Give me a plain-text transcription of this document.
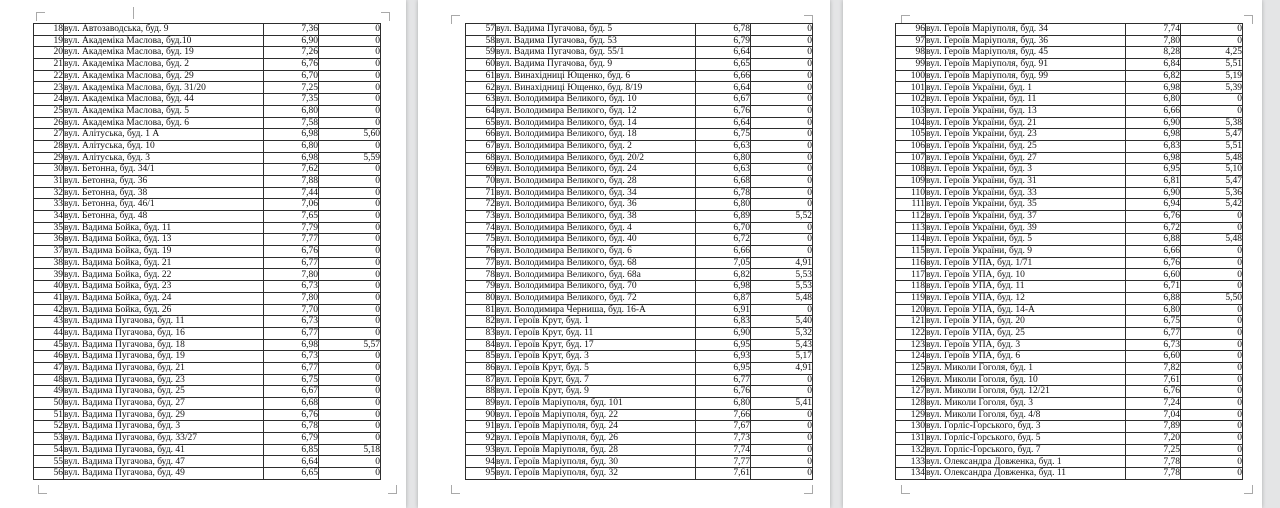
18	вул. Автозаводська, буд. 9	7,36	0
19	вул. Академіка Маслова, буд.10	6,90	0
20	вул. Академіка Маслова, буд. 19	7,26	0
21	вул. Академіка Маслова, буд. 2	6,76	0
22	вул. Академіка Маслова, буд. 29	6,70	0
23	вул. Академіка Маслова, буд. 31/20	7,25	0
24	вул. Академіка Маслова, буд. 44	7,35	0
25	вул. Академіка Маслова, буд. 5	6,80	0
26	вул. Академіка Маслова, буд. 6	7,58	0
27	вул. Алітуська, буд. 1 А	6,98	5,60
28	вул. Алітуська, буд. 10	6,80	0
29	вул. Алітуська, буд. 3	6,98	5,59
30	вул. Бетонна, буд. 34/1	7,62	0
31	вул. Бетонна, буд. 36	7,88	0
32	вул. Бетонна, буд. 38	7,44	0
33	вул. Бетонна, буд. 46/1	7,06	0
34	вул. Бетонна, буд. 48	7,65	0
35	вул. Вадима Бойка, буд. 11	7,79	0
36	вул. Вадима Бойка, буд. 13	7,77	0
37	вул. Вадима Бойка, буд. 19	6,76	0
38	вул. Вадима Бойка, буд. 21	6,77	0
39	вул. Вадима Бойка, буд. 22	7,80	0
40	вул. Вадима Бойка, буд. 23	6,73	0
41	вул. Вадима Бойка, буд. 24	7,80	0
42	вул. Вадима Бойка, буд. 26	7,70	0
43	вул. Вадима Пугачова, буд. 11	6,73	0
44	вул. Вадима Пугачова, буд. 16	6,77	0
45	вул. Вадима Пугачова, буд. 18	6,98	5,57
46	вул. Вадима Пугачова, буд. 19	6,73	0
47	вул. Вадима Пугачова, буд. 21	6,77	0
48	вул. Вадима Пугачова, буд. 23	6,75	0
49	вул. Вадима Пугачова, буд. 25	6,67	0
50	вул. Вадима Пугачова, буд. 27	6,68	0
51	вул. Вадима Пугачова, буд. 29	6,76	0
52	вул. Вадима Пугачова, буд. 3	6,78	0
53	вул. Вадима Пугачова, буд. 33/27	6,79	0
54	вул. Вадима Пугачова, буд. 41	6,85	5,18
55	вул. Вадима Пугачова, буд. 47	6,64	0
56	вул. Вадима Пугачова, буд. 49	6,65	0
57	вул. Вадима Пугачова, буд. 5	6,78	0
58	вул. Вадима Пугачова, буд. 53	6,79	0
59	вул. Вадима Пугачова, буд. 55/1	6,64	0
60	вул. Вадима Пугачова, буд. 9	6,65	0
61	вул. Винахідниці Ющенко, буд. 6	6,66	0
62	вул. Винахідниці Ющенко, буд. 8/19	6,64	0
63	вул. Володимира Великого, буд. 10	6,67	0
64	вул. Володимира Великого, буд. 12	6,76	0
65	вул. Володимира Великого, буд. 14	6,64	0
66	вул. Володимира Великого, буд. 18	6,75	0
67	вул. Володимира Великого, буд. 2	6,63	0
68	вул. Володимира Великого, буд. 20/2	6,80	0
69	вул. Володимира Великого, буд. 24	6,63	0
70	вул. Володимира Великого, буд. 28	6,68	0
71	вул. Володимира Великого, буд. 34	6,78	0
72	вул. Володимира Великого, буд. 36	6,80	0
73	вул. Володимира Великого, буд. 38	6,89	5,52
74	вул. Володимира Великого, буд. 4	6,70	0
75	вул. Володимира Великого, буд. 40	6,72	0
76	вул. Володимира Великого, буд. 6	6,66	0
77	вул. Володимира Великого, буд. 68	7,05	4,91
78	вул. Володимира Великого, буд. 68а	6,82	5,53
79	вул. Володимира Великого, буд. 70	6,98	5,53
80	вул. Володимира Великого, буд. 72	6,87	5,48
81	вул. Володимира Черниша, буд. 16-А	6,91	0
82	вул. Героїв Крут, буд. 1	6,83	5,40
83	вул. Героїв Крут, буд. 11	6,90	5,32
84	вул. Героїв Крут, буд. 17	6,95	5,43
85	вул. Героїв Крут, буд. 3	6,93	5,17
86	вул. Героїв Крут, буд. 5	6,95	4,91
87	вул. Героїв Крут, буд. 7	6,77	0
88	вул. Героїв Крут, буд. 9	6,76	0
89	вул. Героїв Маріуполя, буд. 101	6,80	5,41
90	вул. Героїв Маріуполя, буд. 22	7,66	0
91	вул. Героїв Маріуполя, буд. 24	7,67	0
92	вул. Героїв Маріуполя, буд. 26	7,73	0
93	вул. Героїв Маріуполя, буд. 28	7,74	0
94	вул. Героїв Маріуполя, буд. 30	7,77	0
95	вул. Героїв Маріуполя, буд. 32	7,61	0
96	вул. Героїв Маріуполя, буд. 34	7,74	0
97	вул. Героїв Маріуполя, буд. 36	7,80	0
98	вул. Героїв Маріуполя, буд. 45	8,28	4,25
99	вул. Героїв Маріуполя, буд. 91	6,84	5,51
100	вул. Героїв Маріуполя, буд. 99	6,82	5,19
101	вул. Героїв України, буд. 1	6,98	5,39
102	вул. Героїв України, буд. 11	6,80	0
103	вул. Героїв України, буд. 13	6,66	0
104	вул. Героїв України, буд. 21	6,90	5,38
105	вул. Героїв України, буд. 23	6,98	5,47
106	вул. Героїв України, буд. 25	6,83	5,51
107	вул. Героїв України, буд. 27	6,98	5,48
108	вул. Героїв України, буд. 3	6,95	5,10
109	вул. Героїв України, буд. 31	6,81	5,47
110	вул. Героїв України, буд. 33	6,90	5,36
111	вул. Героїв України, буд. 35	6,94	5,42
112	вул. Героїв України, буд. 37	6,76	0
113	вул. Героїв України, буд. 39	6,72	0
114	вул. Героїв України, буд. 5	6,88	5,48
115	вул. Героїв України, буд. 9	6,66	0
116	вул. Героїв УПА, буд. 1/71	6,76	0
117	вул. Героїв УПА, буд. 10	6,60	0
118	вул. Героїв УПА, буд. 11	6,71	0
119	вул. Героїв УПА, буд. 12	6,88	5,50
120	вул. Героїв УПА, буд. 14-А	6,80	0
121	вул. Героїв УПА, буд. 20	6,75	0
122	вул. Героїв УПА, буд. 25	6,77	0
123	вул. Героїв УПА, буд. 3	6,73	0
124	вул. Героїв УПА, буд. 6	6,60	0
125	вул. Миколи Гоголя, буд. 1	7,82	0
126	вул. Миколи Гоголя, буд. 10	7,61	0
127	вул. Миколи Гоголя, буд. 12/21	6,76	0
128	вул. Миколи Гоголя, буд. 3	7,24	0
129	вул. Миколи Гоголя, буд. 4/8	7,04	0
130	вул. Горліс-Горського, буд. 3	7,89	0
131	вул. Горліс-Горського, буд. 5	7,20	0
132	вул. Горліс-Горського, буд. 7	7,25	0
133	вул. Олександра Довженка, буд. 1	7,78	0
134	вул. Олександра Довженка, буд. 11	7,78	0
